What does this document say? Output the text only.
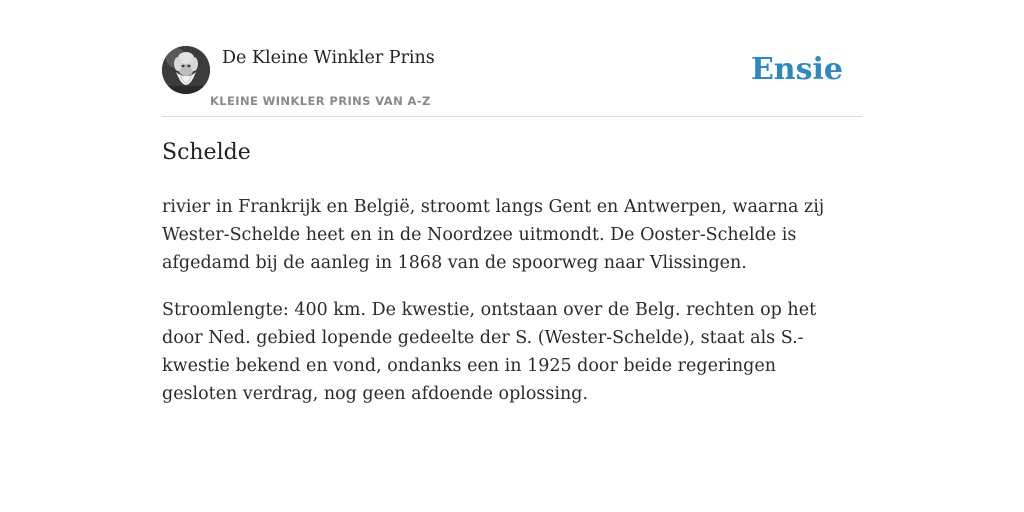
De Kleine Winkler Prins
KLEINE WINKLER PRINS VAN A-Z
Ensie
Schelde

rivier in Frankrijk en België, stroomt langs Gent en Antwerpen, waarna zij Wester-Schelde heet en in de Noordzee uitmondt. De Ooster-Schelde is afgedamd bij de aanleg in 1868 van de spoorweg naar Vlissingen.

Stroomlengte: 400 km. De kwestie, ontstaan over de Belg. rechten op het door Ned. gebied lopende gedeelte der S. (Wester-Schelde), staat als S.-kwestie bekend en vond, ondanks een in 1925 door beide regeringen gesloten verdrag, nog geen afdoende oplossing.
